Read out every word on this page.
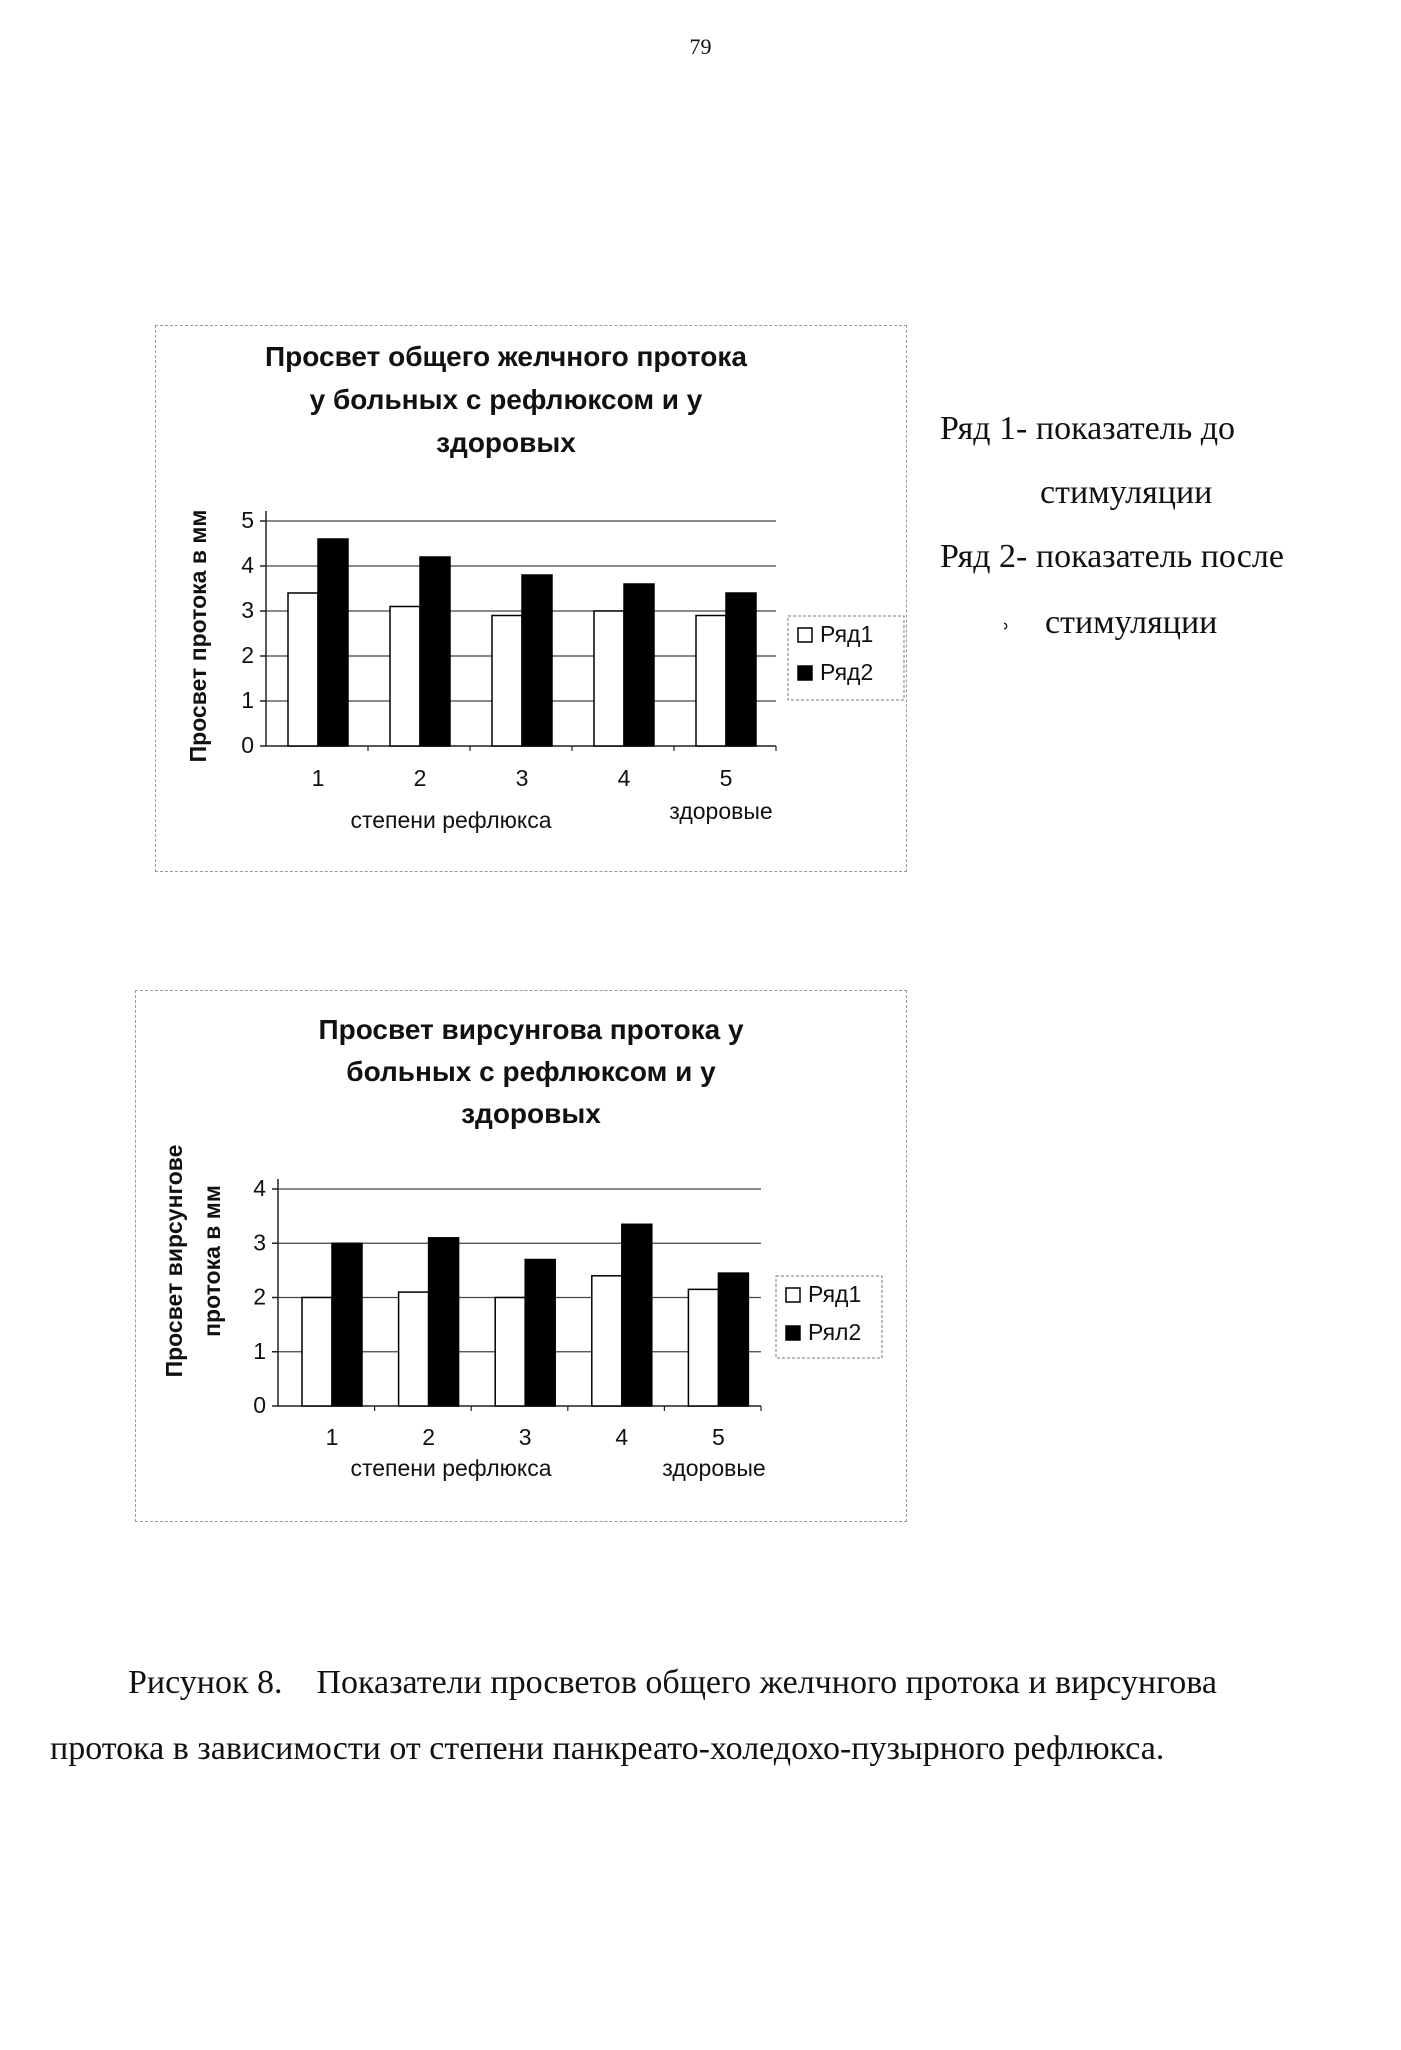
79
Просвет общего желчного протока
у больных с рефлюксом и у
здоровых
Просвет протока в мм 0
1
2
3
4
5
1	2	3	4	5
степени рефлюкса	здоровые
Ряд1
Ряд2
Ряд 1- показатель до
стимуляции
Ряд 2- показатель после
˒ стимуляции
Просвет вирсунгова протока у
больных с рефлюксом и у
здоровых
Просвет вирсунгове протока в мм
0
1
2
3
4
1	2	3	4	5
степени рефлюкса	здоровые
Ряд1
Рял2
Рисунок 8. Показатели просветов общего желчного протока и вирсунгова
протока в зависимости от степени панкреато-холедохо-пузырного рефлюкса.
